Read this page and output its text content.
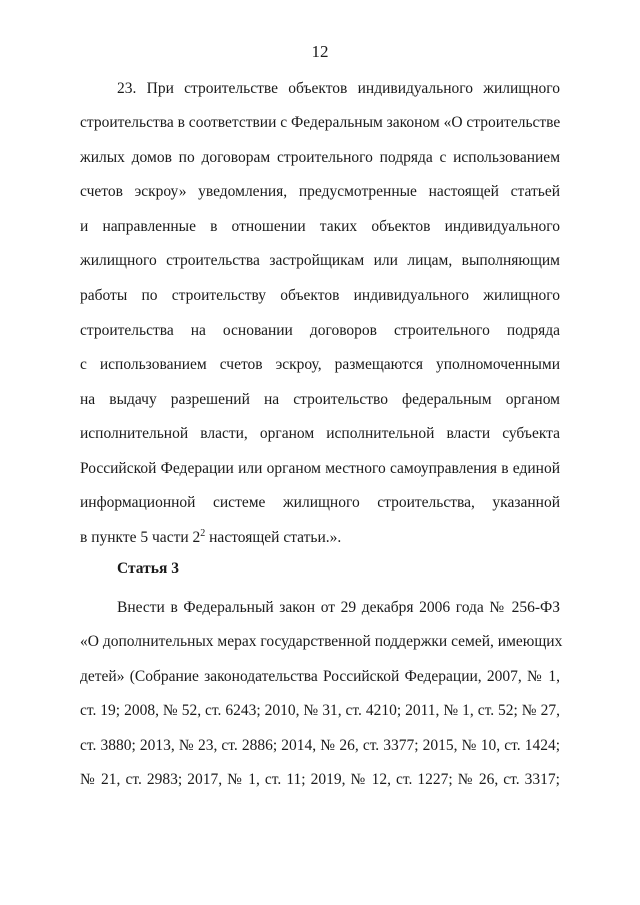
12
23. При строительстве объектов индивидуального жилищного
строительства в соответствии с Федеральным законом «О строительстве
жилых домов по договорам строительного подряда с использованием
счетов эскроу» уведомления, предусмотренные настоящей статьей
и направленные в отношении таких объектов индивидуального
жилищного строительства застройщикам или лицам, выполняющим
работы по строительству объектов индивидуального жилищного
строительства на основании договоров строительного подряда
с использованием счетов эскроу, размещаются уполномоченными
на выдачу разрешений на строительство федеральным органом
исполнительной власти, органом исполнительной власти субъекта
Российской Федерации или органом местного самоуправления в единой
информационной системе жилищного строительства, указанной
в пункте 5 части $2^2$ настоящей статьи.».
Статья 3
Внести в Федеральный закон от 29 декабря 2006 года № 256-ФЗ
«О дополнительных мерах государственной поддержки семей, имеющих
детей» (Собрание законодательства Российской Федерации, 2007, № 1,
ст. 19; 2008, № 52, ст. 6243; 2010, № 31, ст. 4210; 2011, № 1, ст. 52; № 27,
ст. 3880; 2013, № 23, ст. 2886; 2014, № 26, ст. 3377; 2015, № 10, ст. 1424;
№ 21, ст. 2983; 2017, № 1, ст. 11; 2019, № 12, ст. 1227; № 26, ст. 3317;
